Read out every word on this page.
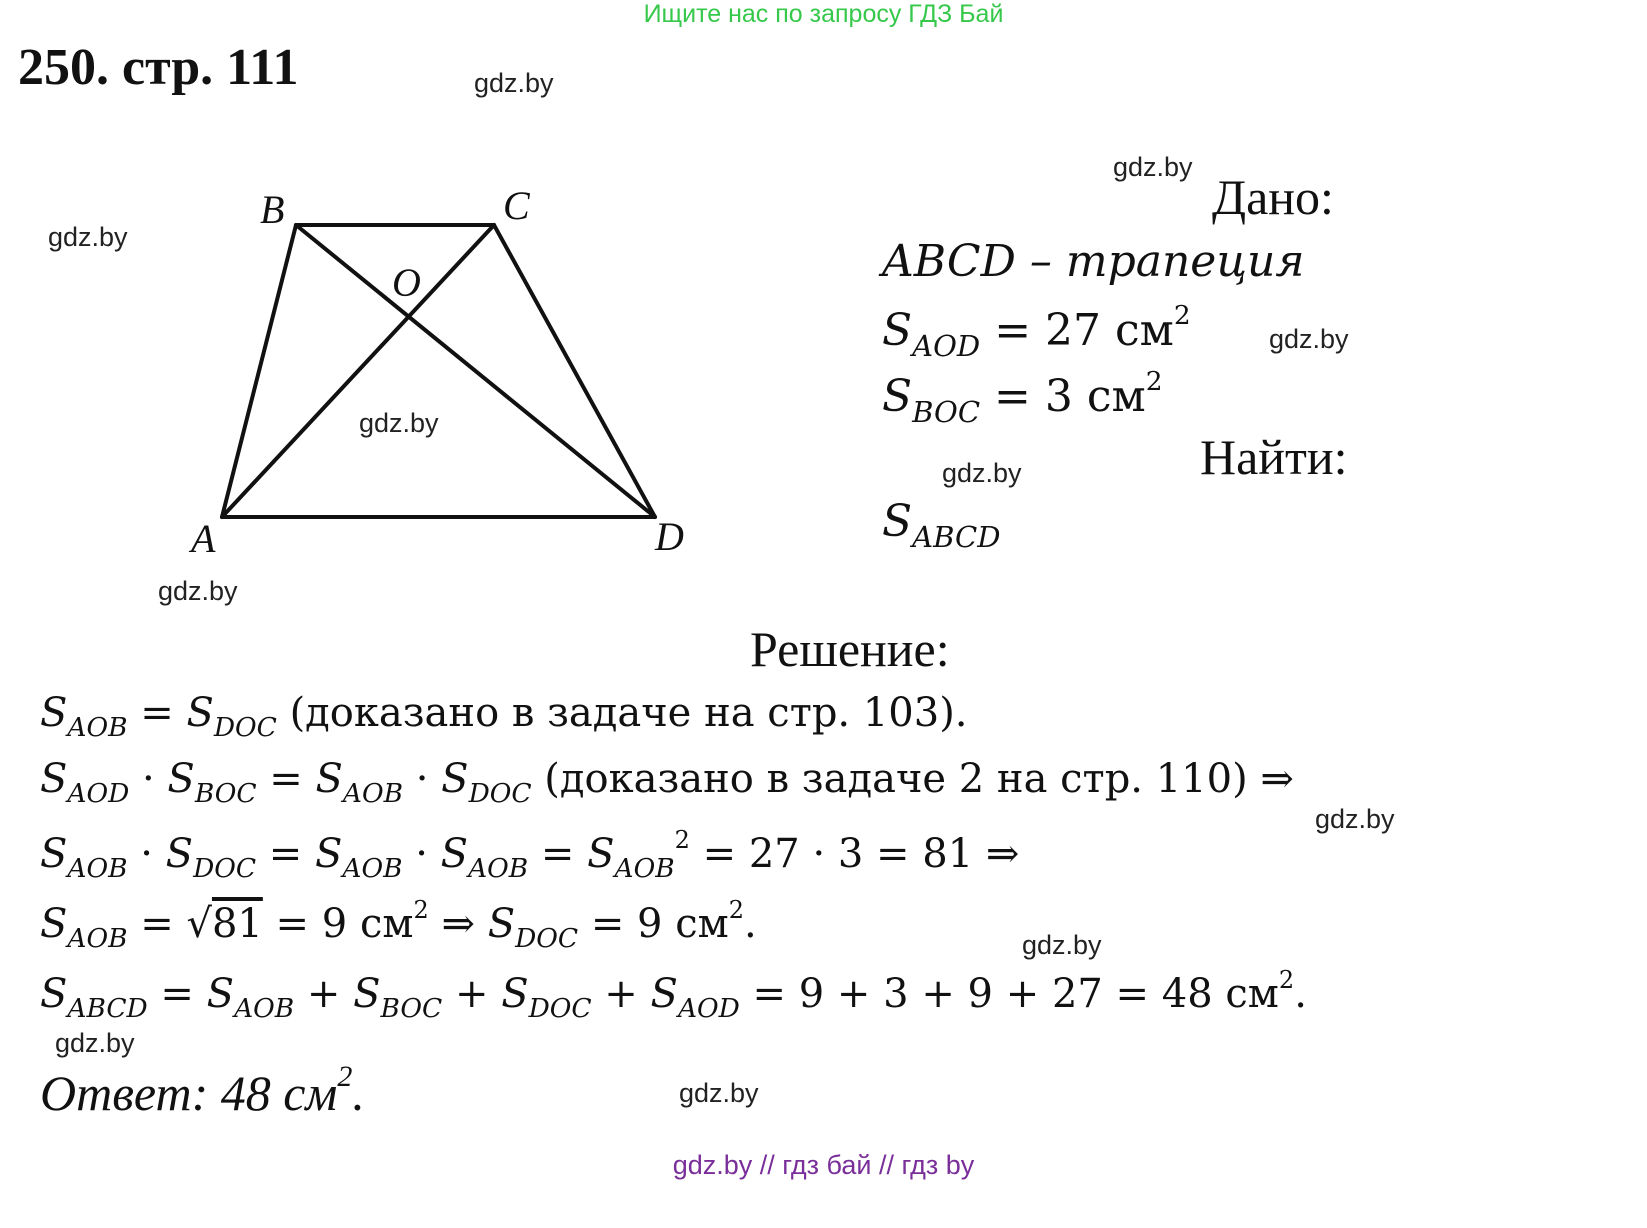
Ищите нас по запросу ГДЗ Бай
250. стр. 111	gdz.by
gdz.by
gdz.by
gdz.by
gdz.by
gdz.by
gdz.by
gdz.by
gdz.by
gdz.by
gdz.by
B	C
O
A	D
Дано:
ABCD – трапеция
$S_{AOD} = 27$ $см^2$
$S_{BOC} = 3$ $см^2$
Найти:
$S_{ABCD}$
Решение:
$S_{AOB} = S_{DOC}$ (доказано в задаче на стр. 103).
$S_{AOD} \cdot S_{BOC} = S_{AOB} \cdot S_{DOC}$ (доказано в задаче 2 на стр. 110) ⇒
$S_{AOB} \cdot S_{DOC} = S_{AOB} \cdot S_{AOB} = S_{AOB}^2 = 27 \cdot 3 = 81$ ⇒
$S_{AOB} = √81 = 9$ $см^2$ ⇒ $S_{DOC} = 9$ $см^2$.
$S_{ABCD} = S_{AOB} + S_{BOC} + S_{DOC} + S_{AOD} = 9 + 3 + 9 + 27 = 48$ $см^2$.
Ответ: 48 $см^2$.
gdz.by // гдз бай // гдз by
